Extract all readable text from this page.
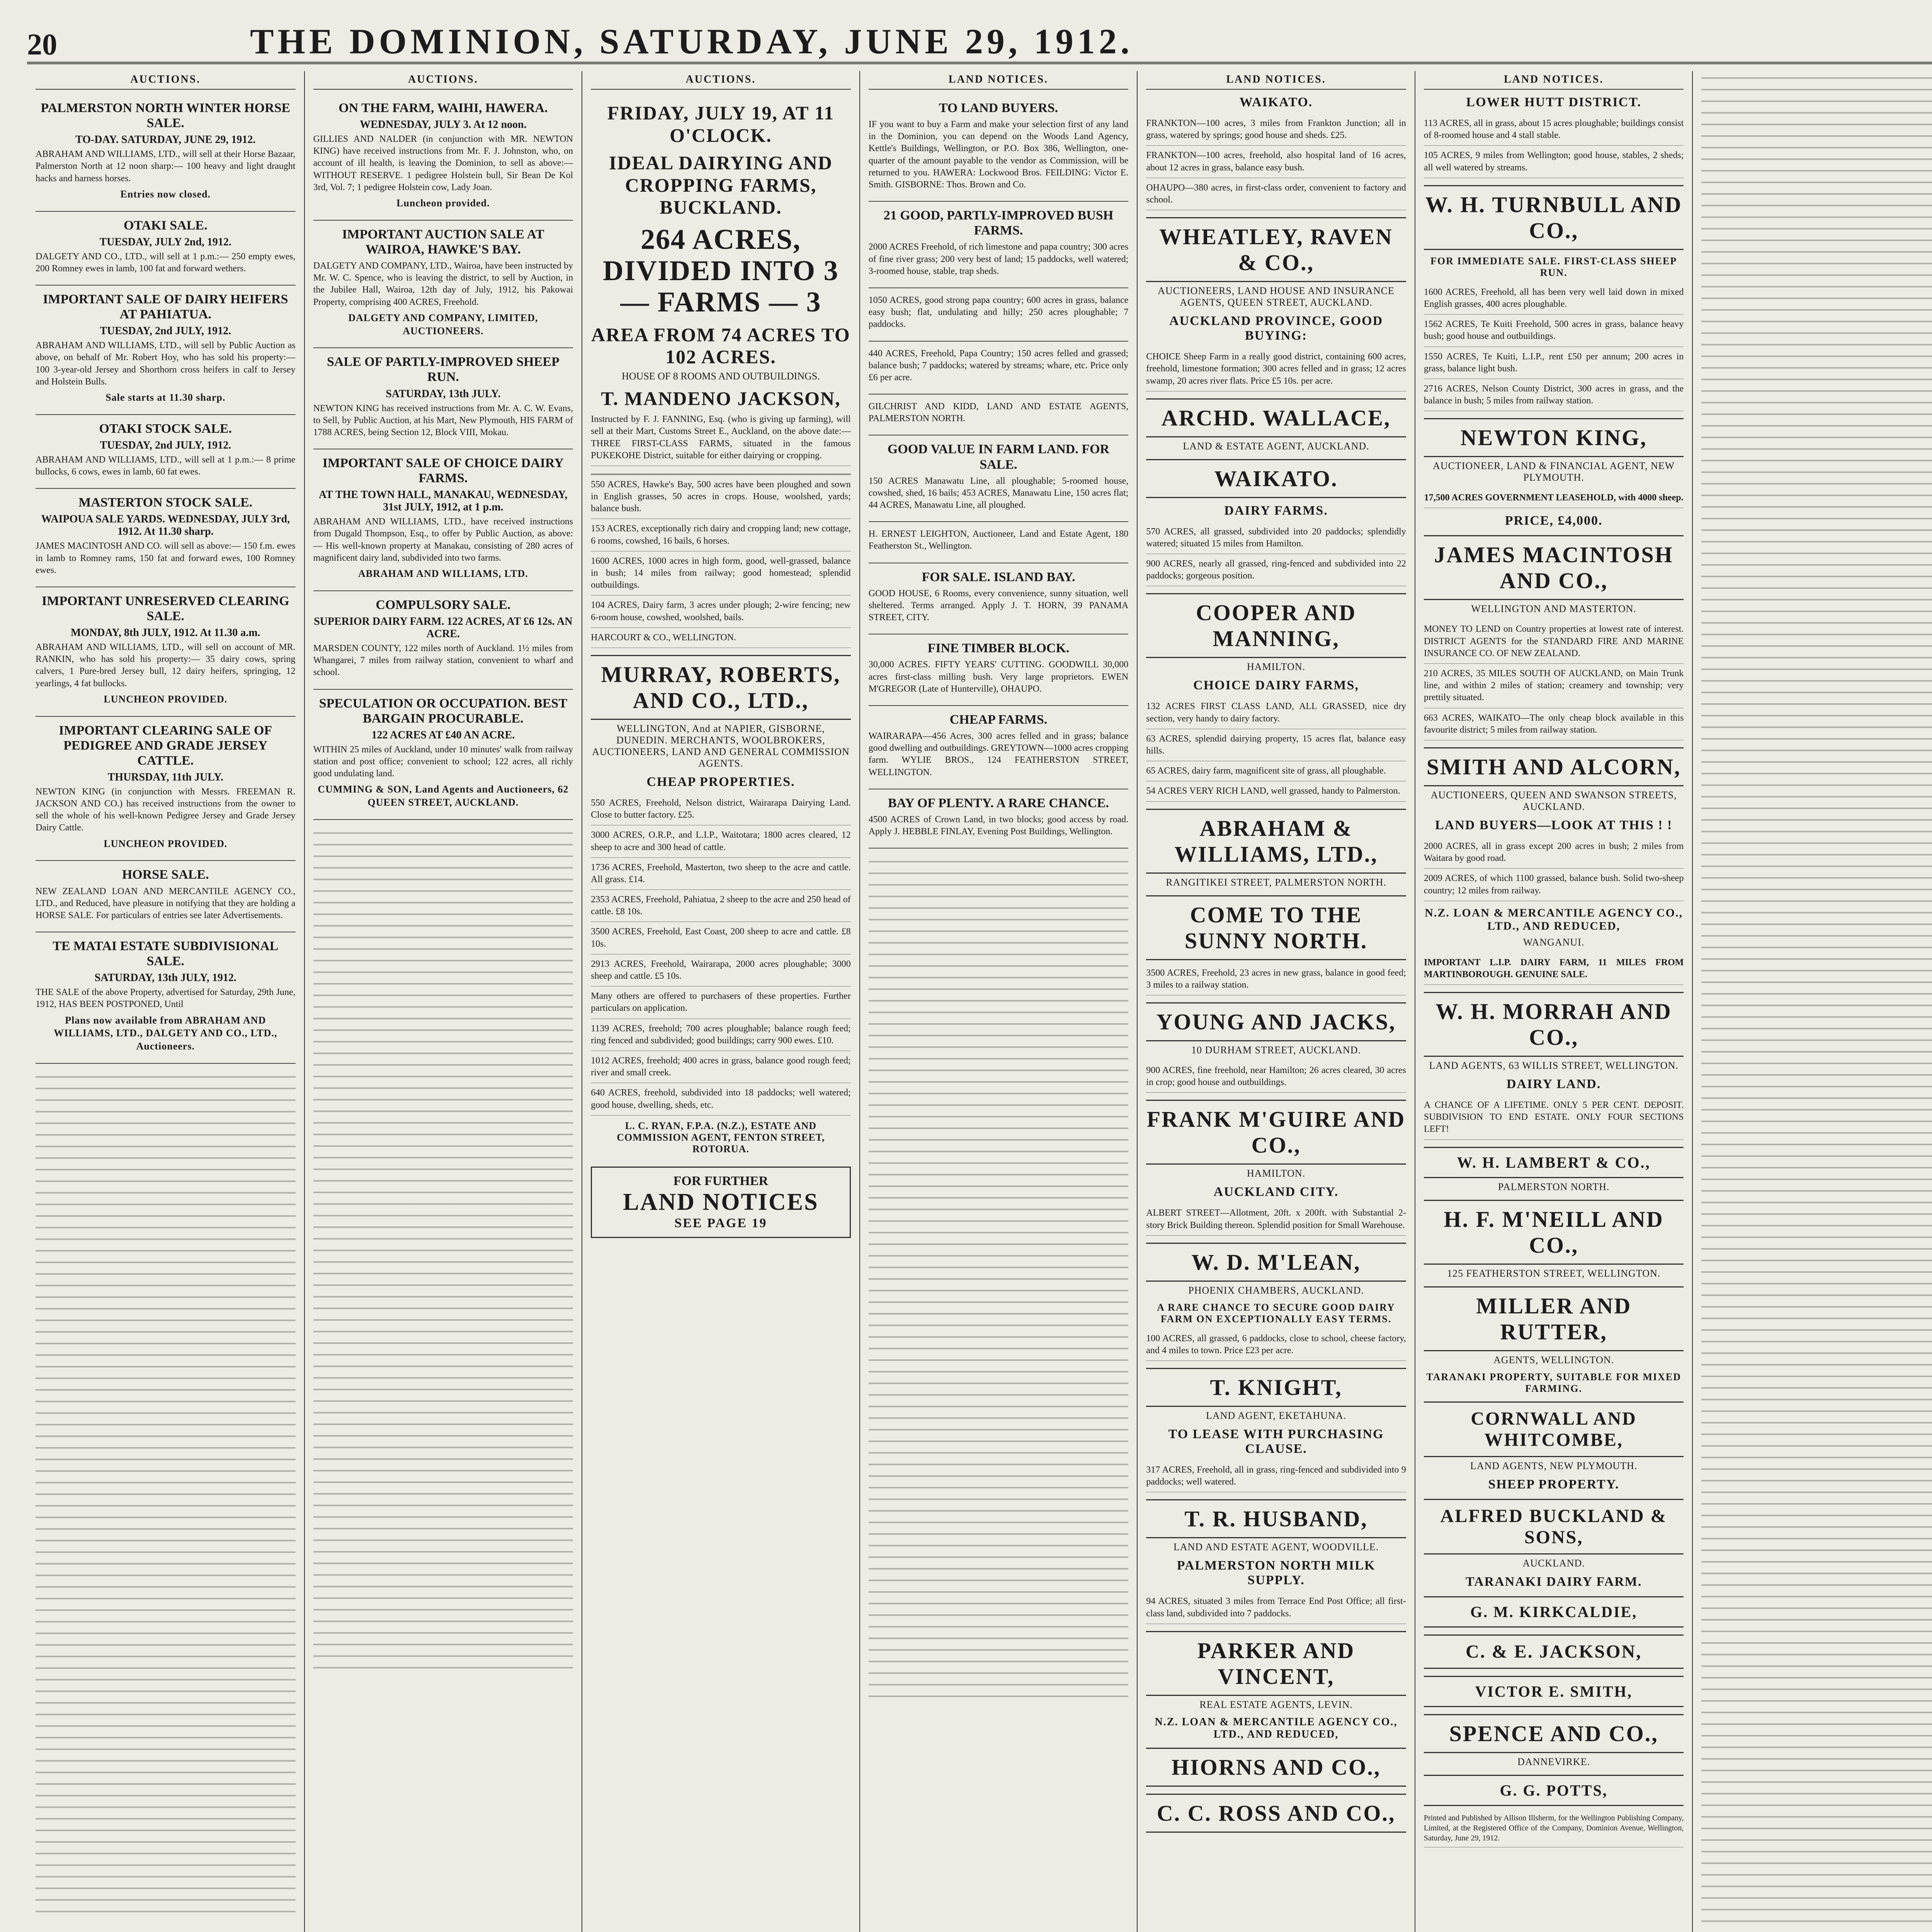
20	THE DOMINION, SATURDAY, JUNE 29, 1912.
AUCTIONS.
PALMERSTON NORTH WINTER HORSE SALE.
TO-DAY. SATURDAY, JUNE 29, 1912.

ABRAHAM AND WILLIAMS, LTD., will sell at their Horse Bazaar, Palmerston North at 12 noon sharp:— 100 heavy and light draught hacks and harness horses.

Entries now closed.

OTAKI SALE.
TUESDAY, JULY 2nd, 1912.

DALGETY AND CO., LTD., will sell at 1 p.m.:— 250 empty ewes, 200 Romney ewes in lamb, 100 fat and forward wethers.

IMPORTANT SALE OF DAIRY HEIFERS AT PAHIATUA.
TUESDAY, 2nd JULY, 1912.

ABRAHAM AND WILLIAMS, LTD., will sell by Public Auction as above, on behalf of Mr. Robert Hoy, who has sold his property:— 100 3-year-old Jersey and Shorthorn cross heifers in calf to Jersey and Holstein Bulls.

Sale starts at 11.30 sharp.

OTAKI STOCK SALE.
TUESDAY, 2nd JULY, 1912.

ABRAHAM AND WILLIAMS, LTD., will sell at 1 p.m.:— 8 prime bullocks, 6 cows, ewes in lamb, 60 fat ewes.

MASTERTON STOCK SALE.
WAIPOUA SALE YARDS. WEDNESDAY, JULY 3rd, 1912. At 11.30 sharp.

JAMES MACINTOSH AND CO. will sell as above:— 150 f.m. ewes in lamb to Romney rams, 150 fat and forward ewes, 100 Romney ewes.

IMPORTANT UNRESERVED CLEARING SALE.
MONDAY, 8th JULY, 1912. At 11.30 a.m.

ABRAHAM AND WILLIAMS, LTD., will sell on account of MR. RANKIN, who has sold his property:— 35 dairy cows, spring calvers, 1 Pure-bred Jersey bull, 12 dairy heifers, springing, 12 yearlings, 4 fat bullocks.

LUNCHEON PROVIDED.

IMPORTANT CLEARING SALE OF PEDIGREE AND GRADE JERSEY CATTLE.
THURSDAY, 11th JULY.

NEWTON KING (in conjunction with Messrs. FREEMAN R. JACKSON AND CO.) has received instructions from the owner to sell the whole of his well-known Pedigree Jersey and Grade Jersey Dairy Cattle.

LUNCHEON PROVIDED.

HORSE SALE.

NEW ZEALAND LOAN AND MERCANTILE AGENCY CO., LTD., and Reduced, have pleasure in notifying that they are holding a HORSE SALE. For particulars of entries see later Advertisements.

TE MATAI ESTATE SUBDIVISIONAL SALE.
SATURDAY, 13th JULY, 1912.

THE SALE of the above Property, advertised for Saturday, 29th June, 1912, HAS BEEN POSTPONED, Until

Plans now available from ABRAHAM AND WILLIAMS, LTD., DALGETY AND CO., LTD., Auctioneers.

AUCTIONS.
ON THE FARM, WAIHI, HAWERA.
WEDNESDAY, JULY 3. At 12 noon.

GILLIES AND NALDER (in conjunction with MR. NEWTON KING) have received instructions from Mr. F. J. Johnston, who, on account of ill health, is leaving the Dominion, to sell as above:— WITHOUT RESERVE. 1 pedigree Holstein bull, Sir Bean De Kol 3rd, Vol. 7; 1 pedigree Holstein cow, Lady Joan.

Luncheon provided.

IMPORTANT AUCTION SALE AT WAIROA, HAWKE'S BAY.

DALGETY AND COMPANY, LTD., Wairoa, have been instructed by Mr. W. C. Spence, who is leaving the district, to sell by Auction, in the Jubilee Hall, Wairoa, 12th day of July, 1912, his Pakowai Property, comprising 400 ACRES, Freehold.

DALGETY AND COMPANY, LIMITED, AUCTIONEERS.

SALE OF PARTLY-IMPROVED SHEEP RUN.
SATURDAY, 13th JULY.

NEWTON KING has received instructions from Mr. A. C. W. Evans, to Sell, by Public Auction, at his Mart, New Plymouth, HIS FARM of 1788 ACRES, being Section 12, Block VIII, Mokau.

IMPORTANT SALE OF CHOICE DAIRY FARMS.
AT THE TOWN HALL, MANAKAU, WEDNESDAY, 31st JULY, 1912, at 1 p.m.

ABRAHAM AND WILLIAMS, LTD., have received instructions from Dugald Thompson, Esq., to offer by Public Auction, as above:— His well-known property at Manakau, consisting of 280 acres of magnificent dairy land, subdivided into two farms.

ABRAHAM AND WILLIAMS, LTD.

COMPULSORY SALE.
SUPERIOR DAIRY FARM. 122 ACRES, AT £6 12s. AN ACRE.

MARSDEN COUNTY, 122 miles north of Auckland. 1½ miles from Whangarei, 7 miles from railway station, convenient to wharf and school.

SPECULATION OR OCCUPATION. BEST BARGAIN PROCURABLE.
122 ACRES AT £40 AN ACRE.

WITHIN 25 miles of Auckland, under 10 minutes' walk from railway station and post office; convenient to school; 122 acres, all richly good undulating land.

CUMMING & SON, Land Agents and Auctioneers, 62 QUEEN STREET, AUCKLAND.

AUCTIONS.
FRIDAY, JULY 19, AT 11 O'CLOCK.
IDEAL DAIRYING AND CROPPING FARMS, BUCKLAND.
264 ACRES, DIVIDED INTO 3 — FARMS — 3
AREA FROM 74 ACRES TO 102 ACRES.
HOUSE OF 8 ROOMS AND OUTBUILDINGS.
T. MANDENO JACKSON,

Instructed by F. J. FANNING, Esq. (who is giving up farming), will sell at their Mart, Customs Street E., Auckland, on the above date:— THREE FIRST-CLASS FARMS, situated in the famous PUKEKOHE District, suitable for either dairying or cropping.

550 ACRES, Hawke's Bay, 500 acres have been ploughed and sown in English grasses, 50 acres in crops. House, woolshed, yards; balance bush.

153 ACRES, exceptionally rich dairy and cropping land; new cottage, 6 rooms, cowshed, 16 bails, 6 horses.

1600 ACRES, 1000 acres in high form, good, well-grassed, balance in bush; 14 miles from railway; good homestead; splendid outbuildings.

104 ACRES, Dairy farm, 3 acres under plough; 2-wire fencing; new 6-room house, cowshed, woolshed, bails.

HARCOURT & CO., WELLINGTON.

MURRAY, ROBERTS, AND CO., LTD.,
WELLINGTON, And at NAPIER, GISBORNE, DUNEDIN. MERCHANTS, WOOLBROKERS, AUCTIONEERS, LAND AND GENERAL COMMISSION AGENTS.
CHEAP PROPERTIES.

550 ACRES, Freehold, Nelson district, Wairarapa Dairying Land. Close to butter factory. £25.

3000 ACRES, O.R.P., and L.I.P., Waitotara; 1800 acres cleared, 12 sheep to acre and 300 head of cattle.

1736 ACRES, Freehold, Masterton, two sheep to the acre and cattle. All grass. £14.

2353 ACRES, Freehold, Pahiatua, 2 sheep to the acre and 250 head of cattle. £8 10s.

3500 ACRES, Freehold, East Coast, 200 sheep to acre and cattle. £8 10s.

2913 ACRES, Freehold, Wairarapa, 2000 acres ploughable; 3000 sheep and cattle. £5 10s.

Many others are offered to purchasers of these properties. Further particulars on application.

1139 ACRES, freehold; 700 acres ploughable; balance rough feed; ring fenced and subdivided; good buildings; carry 900 ewes. £10.

1012 ACRES, freehold; 400 acres in grass, balance good rough feed; river and small creek.

640 ACRES, freehold, subdivided into 18 paddocks; well watered; good house, dwelling, sheds, etc.

L. C. RYAN, F.P.A. (N.Z.), ESTATE AND COMMISSION AGENT, FENTON STREET, ROTORUA.
FOR FURTHER
LAND NOTICES
SEE PAGE 19
LAND NOTICES.
TO LAND BUYERS.

IF you want to buy a Farm and make your selection first of any land in the Dominion, you can depend on the Woods Land Agency, Kettle's Buildings, Wellington, or P.O. Box 386, Wellington, one-quarter of the amount payable to the vendor as Commission, will be returned to you. HAWERA: Lockwood Bros. FEILDING: Victor E. Smith. GISBORNE: Thos. Brown and Co.

21 GOOD, PARTLY-IMPROVED BUSH FARMS.

2000 ACRES Freehold, of rich limestone and papa country; 300 acres of fine river grass; 200 very best of land; 15 paddocks, well watered; 3-roomed house, stable, trap sheds.

1050 ACRES, good strong papa country; 600 acres in grass, balance easy bush; flat, undulating and hilly; 250 acres ploughable; 7 paddocks.

440 ACRES, Freehold, Papa Country; 150 acres felled and grassed; balance bush; 7 paddocks; watered by streams; whare, etc. Price only £6 per acre.

GILCHRIST AND KIDD, LAND AND ESTATE AGENTS, PALMERSTON NORTH.

GOOD VALUE IN FARM LAND. FOR SALE.

150 ACRES Manawatu Line, all ploughable; 5-roomed house, cowshed, shed, 16 bails; 453 ACRES, Manawatu Line, 150 acres flat; 44 ACRES, Manawatu Line, all ploughed.

H. ERNEST LEIGHTON, Auctioneer, Land and Estate Agent, 180 Featherston St., Wellington.

FOR SALE. ISLAND BAY.

GOOD HOUSE, 6 Rooms, every convenience, sunny situation, well sheltered. Terms arranged. Apply J. T. HORN, 39 PANAMA STREET, CITY.

FINE TIMBER BLOCK.

30,000 ACRES. FIFTY YEARS' CUTTING. GOODWILL 30,000 acres first-class milling bush. Very large proprietors. EWEN M'GREGOR (Late of Hunterville), OHAUPO.

CHEAP FARMS.

WAIRARAPA—456 Acres, 300 acres felled and in grass; balance good dwelling and outbuildings. GREYTOWN—1000 acres cropping farm. WYLIE BROS., 124 FEATHERSTON STREET, WELLINGTON.

BAY OF PLENTY. A RARE CHANCE.

4500 ACRES of Crown Land, in two blocks; good access by road. Apply J. HEBBLE FINLAY, Evening Post Buildings, Wellington.

LAND NOTICES.
WAIKATO.

FRANKTON—100 acres, 3 miles from Frankton Junction; all in grass, watered by springs; good house and sheds. £25.

FRANKTON—100 acres, freehold, also hospital land of 16 acres, about 12 acres in grass, balance easy bush.

OHAUPO—380 acres, in first-class order, convenient to factory and school.

WHEATLEY, RAVEN & CO.,
AUCTIONEERS, LAND HOUSE AND INSURANCE AGENTS, QUEEN STREET, AUCKLAND.
AUCKLAND PROVINCE, GOOD BUYING:

CHOICE Sheep Farm in a really good district, containing 600 acres, freehold, limestone formation; 300 acres felled and in grass; 12 acres swamp, 20 acres river flats. Price £5 10s. per acre.

ARCHD. WALLACE,
LAND & ESTATE AGENT, AUCKLAND.
WAIKATO.
DAIRY FARMS.

570 ACRES, all grassed, subdivided into 20 paddocks; splendidly watered; situated 15 miles from Hamilton.

900 ACRES, nearly all grassed, ring-fenced and subdivided into 22 paddocks; gorgeous position.

COOPER AND MANNING,
HAMILTON.
CHOICE DAIRY FARMS,

132 ACRES FIRST CLASS LAND, ALL GRASSED, nice dry section, very handy to dairy factory.

63 ACRES, splendid dairying property, 15 acres flat, balance easy hills.

65 ACRES, dairy farm, magnificent site of grass, all ploughable.

54 ACRES VERY RICH LAND, well grassed, handy to Palmerston.

ABRAHAM & WILLIAMS, LTD.,
RANGITIKEI STREET, PALMERSTON NORTH.
COME TO THE SUNNY NORTH.

3500 ACRES, Freehold, 23 acres in new grass, balance in good feed; 3 miles to a railway station.

YOUNG AND JACKS,
10 DURHAM STREET, AUCKLAND.

900 ACRES, fine freehold, near Hamilton; 26 acres cleared, 30 acres in crop; good house and outbuildings.

FRANK M'GUIRE AND CO.,
HAMILTON.
AUCKLAND CITY.

ALBERT STREET—Allotment, 20ft. x 200ft. with Substantial 2-story Brick Building thereon. Splendid position for Small Warehouse.

W. D. M'LEAN,
PHOENIX CHAMBERS, AUCKLAND.
A RARE CHANCE TO SECURE GOOD DAIRY FARM ON EXCEPTIONALLY EASY TERMS.

100 ACRES, all grassed, 6 paddocks, close to school, cheese factory, and 4 miles to town. Price £23 per acre.

T. KNIGHT,
LAND AGENT, EKETAHUNA.
TO LEASE WITH PURCHASING CLAUSE.

317 ACRES, Freehold, all in grass, ring-fenced and subdivided into 9 paddocks; well watered.

T. R. HUSBAND,
LAND AND ESTATE AGENT, WOODVILLE.
PALMERSTON NORTH MILK SUPPLY.

94 ACRES, situated 3 miles from Terrace End Post Office; all first-class land, subdivided into 7 paddocks.

PARKER AND VINCENT,
REAL ESTATE AGENTS, LEVIN.
N.Z. LOAN & MERCANTILE AGENCY CO., LTD., AND REDUCED,
HIORNS AND CO.,
C. C. ROSS AND CO.,
LAND NOTICES.
LOWER HUTT DISTRICT.

113 ACRES, all in grass, about 15 acres ploughable; buildings consist of 8-roomed house and 4 stall stable.

105 ACRES, 9 miles from Wellington; good house, stables, 2 sheds; all well watered by streams.

W. H. TURNBULL AND CO.,
FOR IMMEDIATE SALE. FIRST-CLASS SHEEP RUN.

1600 ACRES, Freehold, all has been very well laid down in mixed English grasses, 400 acres ploughable.

1562 ACRES, Te Kuiti Freehold, 500 acres in grass, balance heavy bush; good house and outbuildings.

1550 ACRES, Te Kuiti, L.I.P., rent £50 per annum; 200 acres in grass, balance light bush.

2716 ACRES, Nelson County District, 300 acres in grass, and the balance in bush; 5 miles from railway station.

NEWTON KING,
AUCTIONEER, LAND & FINANCIAL AGENT, NEW PLYMOUTH.

17,500 ACRES GOVERNMENT LEASEHOLD, with 4000 sheep.

PRICE, £4,000.
JAMES MACINTOSH AND CO.,
WELLINGTON AND MASTERTON.

MONEY TO LEND on Country properties at lowest rate of interest. DISTRICT AGENTS for the STANDARD FIRE AND MARINE INSURANCE CO. OF NEW ZEALAND.

210 ACRES, 35 MILES SOUTH OF AUCKLAND, on Main Trunk line, and within 2 miles of station; creamery and township; very prettily situated.

663 ACRES, WAIKATO—The only cheap block available in this favourite district; 5 miles from railway station.

SMITH AND ALCORN,
AUCTIONEERS, QUEEN AND SWANSON STREETS, AUCKLAND.
LAND BUYERS—LOOK AT THIS ! !

2000 ACRES, all in grass except 200 acres in bush; 2 miles from Waitara by good road.

2009 ACRES, of which 1100 grassed, balance bush. Solid two-sheep country; 12 miles from railway.

N.Z. LOAN & MERCANTILE AGENCY CO., LTD., AND REDUCED,
WANGANUI.

IMPORTANT L.I.P. DAIRY FARM, 11 MILES FROM MARTINBOROUGH. GENUINE SALE.

W. H. MORRAH AND CO.,
LAND AGENTS, 63 WILLIS STREET, WELLINGTON.
DAIRY LAND.

A CHANCE OF A LIFETIME. ONLY 5 PER CENT. DEPOSIT. SUBDIVISION TO END ESTATE. ONLY FOUR SECTIONS LEFT!

W. H. LAMBERT & CO.,
PALMERSTON NORTH.
H. F. M'NEILL AND CO.,
125 FEATHERSTON STREET, WELLINGTON.
MILLER AND RUTTER,
AGENTS, WELLINGTON.
TARANAKI PROPERTY, SUITABLE FOR MIXED FARMING.
CORNWALL AND WHITCOMBE,
LAND AGENTS, NEW PLYMOUTH.
SHEEP PROPERTY.
ALFRED BUCKLAND & SONS,
AUCKLAND.
TARANAKI DAIRY FARM.
G. M. KIRKCALDIE,
C. & E. JACKSON,
VICTOR E. SMITH,
SPENCE AND CO.,
DANNEVIRKE.
G. G. POTTS,

Printed and Published by Allison Illsherm, for the Wellington Publishing Company, Limited, at the Registered Office of the Company, Dominion Avenue, Wellington, Saturday, June 29, 1912.
